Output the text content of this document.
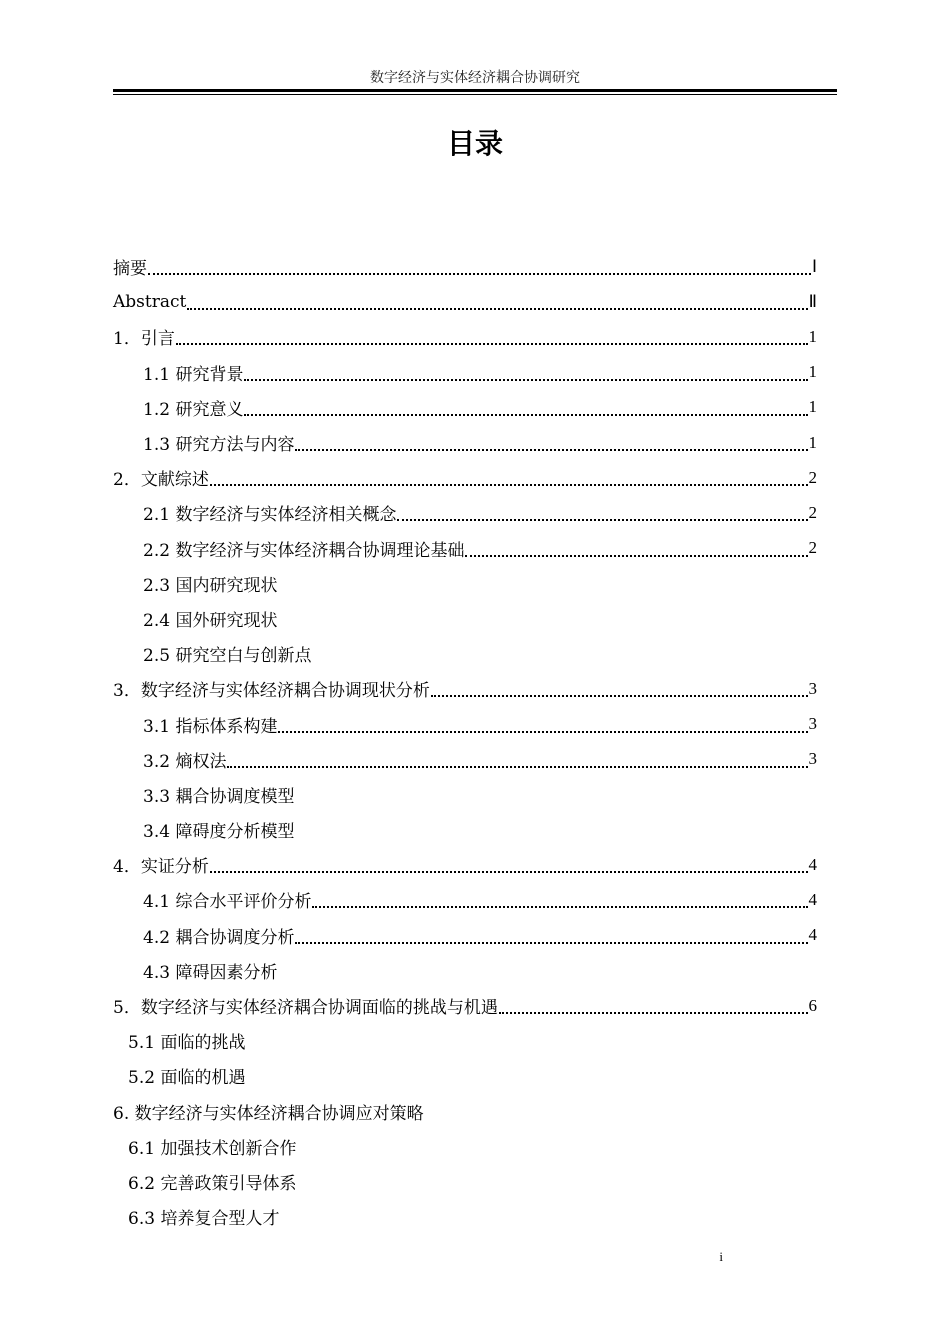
数字经济与实体经济耦合协调研究
目录
摘要	Ⅰ
Abstract	Ⅱ
1．引言	1
1.1 研究背景	1
1.2 研究意义	1
1.3 研究方法与内容	1
2．文献综述	2
2.1 数字经济与实体经济相关概念	2
2.2 数字经济与实体经济耦合协调理论基础	2
2.3 国内研究现状
2.4 国外研究现状
2.5 研究空白与创新点
3．数字经济与实体经济耦合协调现状分析	3
3.1 指标体系构建	3
3.2 熵权法	3
3.3 耦合协调度模型
3.4 障碍度分析模型
4．实证分析	4
4.1 综合水平评价分析	4
4.2 耦合协调度分析	4
4.3 障碍因素分析
5．数字经济与实体经济耦合协调面临的挑战与机遇	6
5.1 面临的挑战
5.2 面临的机遇
6. 数字经济与实体经济耦合协调应对策略
6.1 加强技术创新合作
6.2 完善政策引导体系
6.3 培养复合型人才
i
